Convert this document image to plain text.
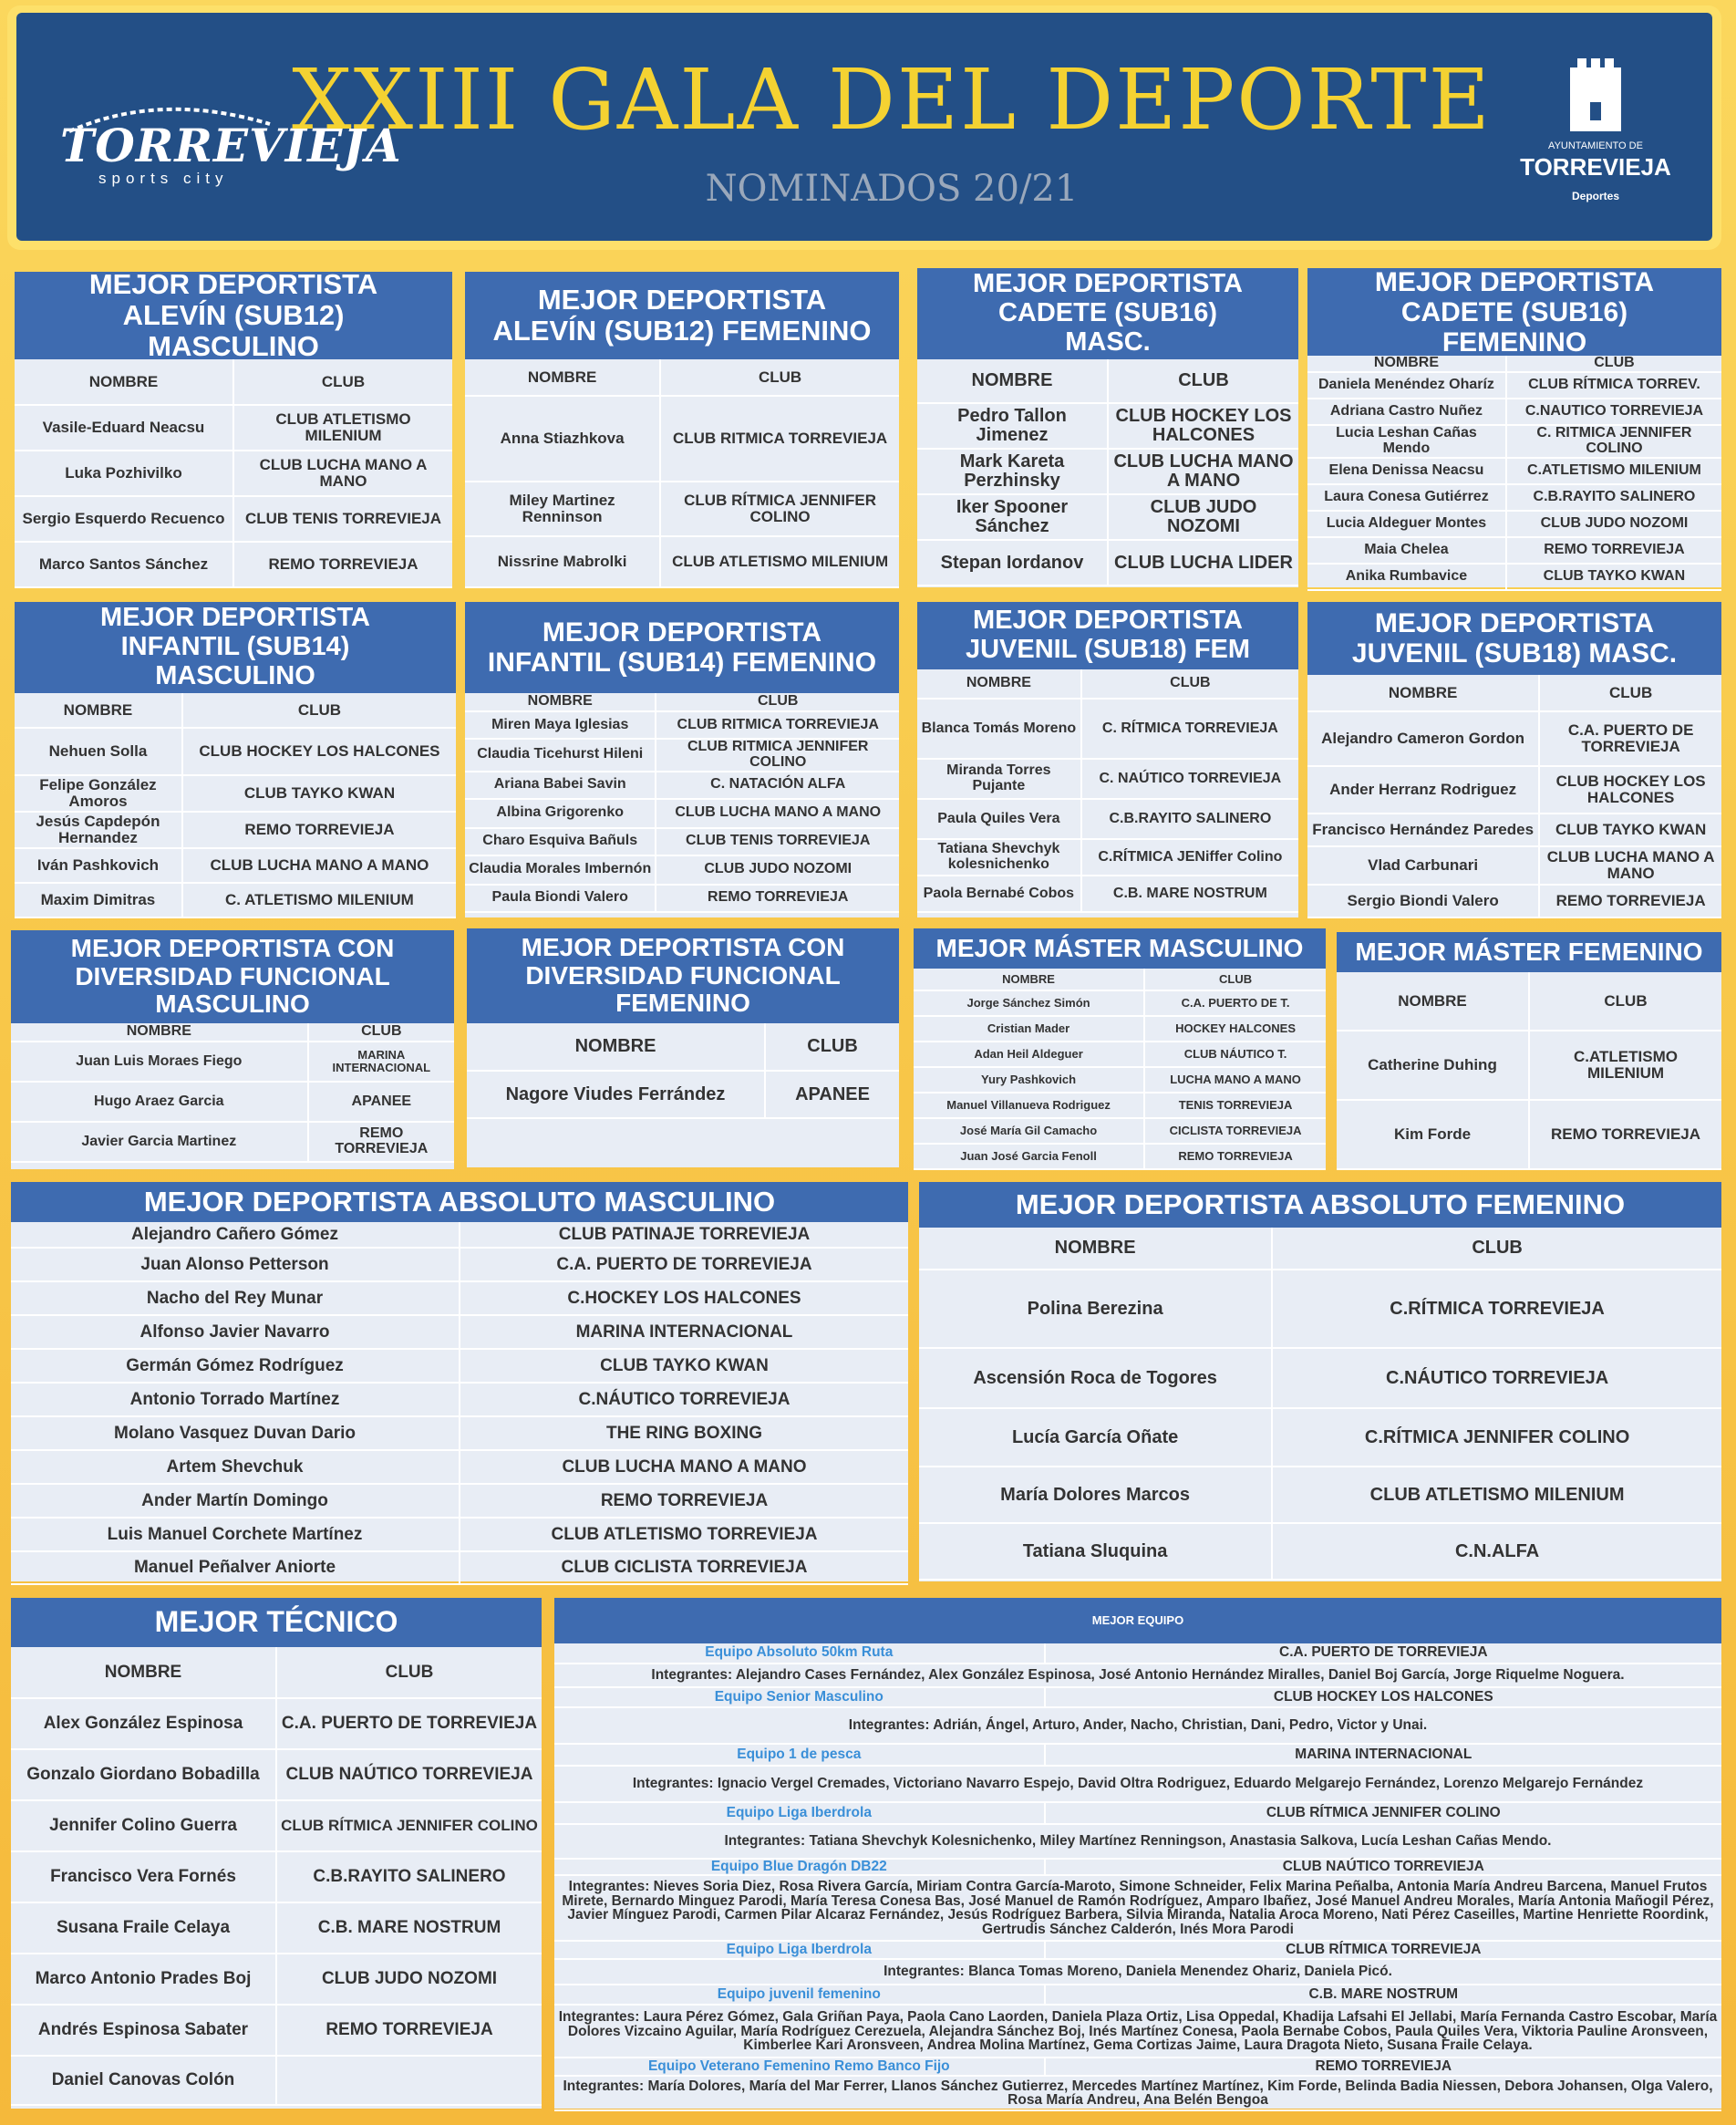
TORREVIEJA
sports city
XXIII GALA DEL DEPORTE
NOMINADOS 20/21
AYUNTAMIENTO DE
TORREVIEJA
Deportes
MEJOR DEPORTISTA ALEVÍN (SUB12) MASCULINO
NOMBRE	CLUB
Vasile-Eduard Neacsu	CLUB ATLETISMO MILENIUM
Luka Pozhivilko	CLUB LUCHA MANO A MANO
Sergio Esquerdo Recuenco	CLUB TENIS TORREVIEJA
Marco Santos Sánchez	REMO TORREVIEJA
MEJOR DEPORTISTA ALEVÍN (SUB12) FEMENINO
NOMBRE	CLUB
Anna Stiazhkova	CLUB RITMICA TORREVIEJA
Miley Martinez Renninson	CLUB RÍTMICA JENNIFER COLINO
Nissrine Mabrolki	CLUB ATLETISMO MILENIUM
MEJOR DEPORTISTA CADETE (SUB16) MASC.
NOMBRE	CLUB
Pedro Tallon Jimenez	CLUB HOCKEY LOS HALCONES
Mark Kareta Perzhinsky	CLUB LUCHA MANO A MANO
Iker Spooner Sánchez	CLUB JUDO NOZOMI
Stepan Iordanov	CLUB LUCHA LIDER
MEJOR DEPORTISTA CADETE (SUB16) FEMENINO
NOMBRE	CLUB
Daniela Menéndez Oharíz	CLUB RÍTMICA TORREV.
Adriana Castro Nuñez	C.NAUTICO TORREVIEJA
Lucia Leshan Cañas Mendo	C. RITMICA JENNIFER COLINO
Elena Denissa Neacsu	C.ATLETISMO MILENIUM
Laura Conesa Gutiérrez	C.B.RAYITO SALINERO
Lucia Aldeguer Montes	CLUB JUDO NOZOMI
Maia Chelea	REMO TORREVIEJA
Anika Rumbavice	CLUB TAYKO KWAN
MEJOR DEPORTISTA INFANTIL (SUB14) MASCULINO
NOMBRE	CLUB
Nehuen Solla	CLUB HOCKEY LOS HALCONES
Felipe González Amoros	CLUB TAYKO KWAN
Jesús Capdepón Hernandez	REMO TORREVIEJA
Iván Pashkovich	CLUB LUCHA MANO A MANO
Maxim Dimitras	C. ATLETISMO MILENIUM
MEJOR DEPORTISTA INFANTIL (SUB14) FEMENINO
NOMBRE	CLUB
Miren Maya Iglesias	CLUB RITMICA TORREVIEJA
Claudia Ticehurst Hileni	CLUB RITMICA JENNIFER COLINO
Ariana Babei Savin	C. NATACIÓN ALFA
Albina Grigorenko	CLUB LUCHA MANO A MANO
Charo Esquiva Bañuls	CLUB TENIS TORREVIEJA
Claudia Morales Imbernón	CLUB JUDO NOZOMI
Paula Biondi Valero	REMO TORREVIEJA
MEJOR DEPORTISTA JUVENIL (SUB18) FEM
NOMBRE	CLUB
Blanca Tomás Moreno	C. RÍTMICA TORREVIEJA
Miranda Torres Pujante	C. NAÚTICO TORREVIEJA
Paula Quiles Vera	C.B.RAYITO SALINERO
Tatiana Shevchyk kolesnichenko	C.RÍTMICA JENiffer Colino
Paola Bernabé Cobos	C.B. MARE NOSTRUM
MEJOR DEPORTISTA JUVENIL (SUB18) MASC.
NOMBRE	CLUB
Alejandro Cameron Gordon	C.A. PUERTO DE TORREVIEJA
Ander Herranz Rodriguez	CLUB HOCKEY LOS HALCONES
Francisco Hernández Paredes	CLUB TAYKO KWAN
Vlad Carbunari	CLUB LUCHA MANO A MANO
Sergio Biondi Valero	REMO TORREVIEJA
MEJOR DEPORTISTA CON DIVERSIDAD FUNCIONAL MASCULINO
NOMBRE	CLUB
Juan Luis Moraes Fiego	MARINA INTERNACIONAL
Hugo Araez Garcia	APANEE
Javier Garcia Martinez	REMO TORREVIEJA
MEJOR DEPORTISTA CON DIVERSIDAD FUNCIONAL FEMENINO
NOMBRE	CLUB
Nagore Viudes Ferrández	APANEE
MEJOR MÁSTER MASCULINO
NOMBRE	CLUB
Jorge Sánchez Simón	C.A. PUERTO DE T.
Cristian Mader	HOCKEY HALCONES
Adan Heil Aldeguer	CLUB NÁUTICO T.
Yury Pashkovich	LUCHA MANO A MANO
Manuel Villanueva Rodriguez	TENIS TORREVIEJA
José María Gil Camacho	CICLISTA TORREVIEJA
Juan José Garcia Fenoll	REMO TORREVIEJA
MEJOR MÁSTER FEMENINO
NOMBRE	CLUB
Catherine Duhing	C.ATLETISMO MILENIUM
Kim Forde	REMO TORREVIEJA
MEJOR DEPORTISTA ABSOLUTO MASCULINO
Alejandro Cañero Gómez	CLUB PATINAJE TORREVIEJA
Juan Alonso Petterson	C.A. PUERTO DE TORREVIEJA
Nacho del Rey Munar	C.HOCKEY LOS HALCONES
Alfonso Javier Navarro	MARINA INTERNACIONAL
Germán Gómez Rodríguez	CLUB TAYKO KWAN
Antonio Torrado Martínez	C.NÁUTICO TORREVIEJA
Molano Vasquez Duvan Dario	THE RING BOXING
Artem Shevchuk	CLUB LUCHA MANO A MANO
Ander Martín Domingo	REMO TORREVIEJA
Luis Manuel Corchete Martínez	CLUB ATLETISMO TORREVIEJA
Manuel Peñalver Aniorte	CLUB CICLISTA TORREVIEJA
MEJOR DEPORTISTA ABSOLUTO FEMENINO
NOMBRE	CLUB
Polina Berezina	C.RÍTMICA TORREVIEJA
Ascensión Roca de Togores	C.NÁUTICO TORREVIEJA
Lucía García Oñate	C.RÍTMICA JENNIFER COLINO
María Dolores Marcos	CLUB ATLETISMO MILENIUM
Tatiana Sluquina	C.N.ALFA
MEJOR TÉCNICO
NOMBRE	CLUB
Alex González Espinosa	C.A. PUERTO DE TORREVIEJA
Gonzalo Giordano Bobadilla	CLUB NAÚTICO TORREVIEJA
Jennifer Colino Guerra	CLUB RÍTMICA JENNIFER COLINO
Francisco Vera Fornés	C.B.RAYITO SALINERO
Susana Fraile Celaya	C.B. MARE NOSTRUM
Marco Antonio Prades Boj	CLUB JUDO NOZOMI
Andrés Espinosa Sabater	REMO TORREVIEJA
Daniel Canovas Colón	
MEJOR EQUIPO
Equipo Absoluto 50km Ruta	C.A. PUERTO DE TORREVIEJA
Integrantes: Alejandro Cases Fernández, Alex González Espinosa, José Antonio Hernández Miralles, Daniel Boj García, Jorge Riquelme Noguera.	
Equipo Senior Masculino	CLUB HOCKEY LOS HALCONES
Integrantes: Adrián, Ángel, Arturo, Ander, Nacho, Christian, Dani, Pedro, Victor y Unai.	
Equipo 1 de pesca	MARINA INTERNACIONAL
Integrantes: Ignacio Vergel Cremades, Victoriano Navarro Espejo, David Oltra Rodriguez, Eduardo Melgarejo Fernández, Lorenzo Melgarejo Fernández	
Equipo Liga Iberdrola	CLUB RÍTMICA JENNIFER COLINO
Integrantes: Tatiana Shevchyk Kolesnichenko, Miley Martínez Renningson, Anastasia Salkova, Lucía Leshan Cañas Mendo.	
Equipo Blue Dragón DB22	CLUB NAÚTICO TORREVIEJA
Integrantes: Nieves Soria Diez, Rosa Rivera García, Miriam Contra García-Maroto, Simone Schneider, Felix Marina Peñalba, Antonia María Andreu Barcena, Manuel Frutos Mirete, Bernardo Minguez Parodi, María Teresa Conesa Bas, José Manuel de Ramón Rodríguez, Amparo Ibañez, José Manuel Andreu Morales, María Antonia Mañogil Pérez, Javier Mínguez Parodi, Carmen Pilar Alcaraz Fernández, Jesús Rodríguez Barbera, Silvia Miranda, Natalia Aroca Moreno, Nati Pérez Caseilles, Martine Henriette Roordink, Gertrudis Sánchez Calderón, Inés Mora Parodi	
Equipo Liga Iberdrola	CLUB RÍTMICA TORREVIEJA
Integrantes: Blanca Tomas Moreno, Daniela Menendez Ohariz, Daniela Picó.	
Equipo juvenil femenino	C.B. MARE NOSTRUM
Integrantes: Laura Pérez Gómez, Gala Griñan Paya, Paola Cano Laorden, Daniela Plaza Ortiz, Lisa Oppedal, Khadija Lafsahi El Jellabi, María Fernanda Castro Escobar, María Dolores Vizcaino Aguilar, María Rodríguez Cerezuela, Alejandra Sánchez Boj, Inés Martínez Conesa, Paola Bernabe Cobos, Paula Quiles Vera, Viktoria Pauline Aronsveen, Kimberlee Kari Aronsveen, Andrea Molina Martínez, Gema Cortizas Jaime, Laura Dragota Nieto, Susana Fraile Celaya.	
Equipo Veterano Femenino Remo Banco Fijo	REMO TORREVIEJA
Integrantes: María Dolores, María del Mar Ferrer, Llanos Sánchez Gutierrez, Mercedes Martínez Martínez, Kim Forde, Belinda Badia Niessen, Debora Johansen, Olga Valero, Rosa María Andreu, Ana Belén Bengoa	
